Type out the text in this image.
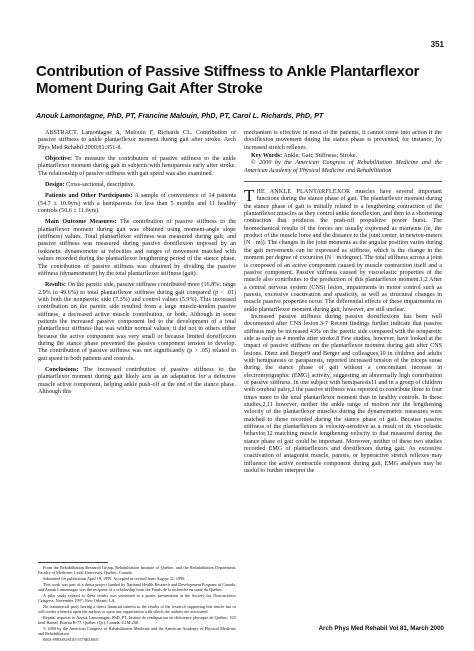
351
Contribution of Passive Stiffness to Ankle Plantarflexor Moment During Gait After Stroke
Anouk Lamontagne, PhD, PT, Francine Malouin, PhD, PT, Carol L. Richards, PhD, PT

ABSTRACT. Lamontagne A, Malouin F, Richards CL. Contribution of passive stiffness to ankle plantarflexor moment during gait after stroke. Arch Phys Med Rehabil 2000;81:351-8.

Objective: To measure the contribution of passive stiffness to the ankle plantarflexor moment during gait in subjects with hemiparesis early after stroke. The relationship of passive stiffness with gait speed was also examined.

Design: Cross-sectional, descriptive.

Patients and Other Participants: A sample of convenience of 14 patients (54.7 ± 10.9yrs) with a hemiparesis for less than 5 months and 11 healthy controls (50.6 ± 11.6yrs).

Main Outcome Measures: The contribution of passive stiffness to the plantarflexor moment during gait was obtained using moment-angle slope (stiffness) values. Total plantarflexor stiffness was measured during gait, and passive stiffness was measured during passive dorsiflexion imposed by an isokinetic dynamometer at velocities and ranges of movement matched with values recorded during the plantarflexor lengthening period of the stance phase. The contribution of passive stiffness was obtained by dividing the passive stiffness (dynamometer) by the total plantarflexor stiffness (gait).

Results: On the paretic side, passive stiffness contributed more (16.8%; range 2.9% to 49.6%) to total plantarflexor stiffness during gait compared (p < .01) with both the nonparetic side (7.3%) and control values (5.9%). This increased contribution on the paretic side resulted from a large muscle-tendon passive stiffness, a decreased active muscle contribution, or both. Although in some patients the increased passive component led to the development of a total plantarflexor stiffness that was within normal values, it did not in others either because the active component was very small or because limited dorsiflexion during the stance phase prevented the passive component tension to develop. The contribution of passive stiffness was not significantly (p > .05) related to gait speed in both patients and controls.

Conclusions: The increased contribution of passive stiffness to the plantarflexor moment during gait likely acts as an adaptation for a defective muscle active component, helping ankle push-off at the end of the stance phase. Although this

mechanism is effective in most of the patients, it cannot come into action if the dorsiflexion movement during the stance phase is prevented, for instance, by increased stretch reflexes.

Key Words: Ankle; Gait; Stiffness; Stroke.

© 2000 by the American Congress of Rehabilitation Medicine and the American Academy of Physical Medicine and Rehabilitation

THE ANKLE PLANTARFLEXOR muscles have several important functions during the stance phase of gait. The plantarflexor moment during the stance phase of gait is initially related to a lengthening contraction of the plantarflexor muscles as they control ankle dorsiflexion, and then to a shortening contraction that produces the push-off propulsive power burst. The biomechanical results of the forces are usually expressed as moments (ie, the product of the muscle force and the distance to the joint center, in newton-meters [N · m]). The changes in the joint moments as the angular position varies during the gait movements can be expressed as stiffness, which is the change in the moment per degree of excursion (N · m/degree). The total stiffness across a joint is composed of an active component caused by muscle contraction itself and a passive component. Passive stiffness caused by viscoelastic properties of the muscle also contributes to the production of this plantarflexor moment.1,2 After a central nervous system (CNS) lesion, impairments in motor control such as paresis, excessive coactivation and spasticity, as well as structural changes in muscle passive properties occur. The differential effects of these impairments on ankle plantarflexor moment during gait, however, are still unclear.

Increased passive stiffness during passive dorsiflexions has been well documented after CNS lesion.3-7 Recent findings further indicate that passive stiffness may be increased 43% on the paretic side compared with the nonparetic side as early as 4 months after stroke.8 Few studies, however, have looked at the impact of passive stiffness on the plantarflexor moment during gait after CNS lesions. Dietz and Berger9 and Berger and colleagues,10 in children and adults with hemiparesis or paraparesis, reported increased tension of the triceps surae during the stance phase of gait without a concomitant increase in electromyographic (EMG) activity, suggesting an abnormally high contribution of passive stiffness. In one subject with hemiparesis11 and in a group of children with cerebral palsy,2 the passive stiffness was reported to contribute three to four times more to the total plantarflexor moment than in healthy controls. In these studies,2,11 however, neither the ankle range of motion nor the lengthening velocity of the plantarflexor muscles during the dynamometric measures were matched to those recorded during the stance phase of gait. Because passive stiffness of the plantarflexors is velocity-sensitive as a result of its viscoelastic behavior,12 matching muscle lengthening velocity to that measured during the stance phase of gait could be important. Moreover, neither of these two studies recorded EMG of plantarflexors and dorsiflexors during gait. As excessive coactivation of antagonist muscle, paresis, or hyperactive stretch reflexes may influence the active contractile component during gait, EMG analyses may be useful to further interpret the

From the Rehabilitation Research Group, Rehabilitation Institute of Québec, and the Rehabilitation Department, Faculty of Medicine, Laval University, Québec, Canada.

Submitted for publication April 19, 1999. Accepted in revised form August 31, 1999.

This work was part of a thesis project funded by National Health Research and Development Program of Canada, and Anouk Lamontagne was the recipient of a scholarship from the Fonds de la recherche en santé du Québec.

A pilot study related to these results was presented in a poster presentation at the Society for Neuroscience Congress, November 1997, New Orleans, LA.

No commercial party having a direct financial interest in the results of the research supporting this article has or will confer a benefit upon the authors or upon any organization with which the authors are associated.

Reprint requests to Anouk Lamontagne, PhD, PT, Institut de réadaptation en déficience physique de Québec, 525 boul Hamel, Bureau B-77, Québec (Qc), Canada, G1M 2S8.

© 2000 by the American Congress of Rehabilitation Medicine and the American Academy of Physical Medicine and Rehabilitation

0003-9993/00/8103-5579$3.00/0

Arch Phys Med Rehabil Vol 81, March 2000
